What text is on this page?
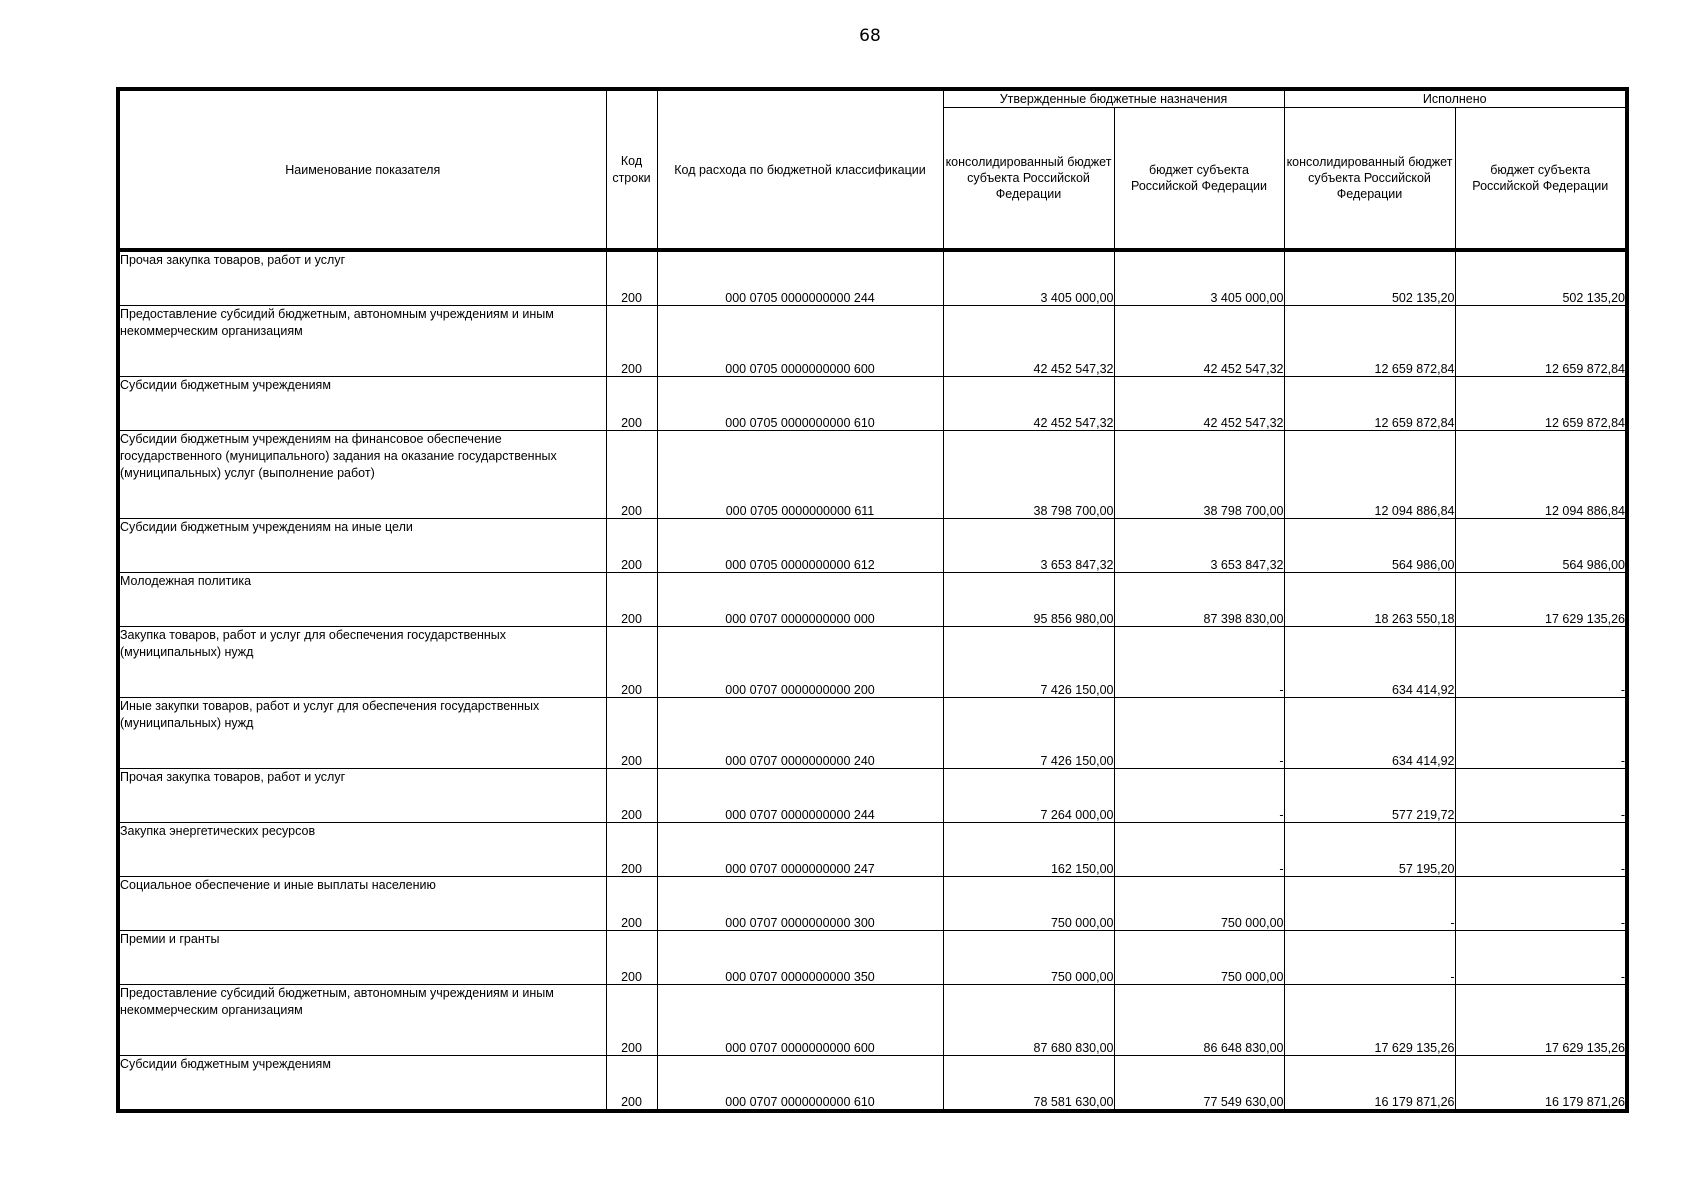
68
Наименование показателя	Код строки	Код расхода по бюджетной классификации	Утвержденные бюджетные назначения		Исполнено	
			консолидированный бюджет субъекта Российской Федерации	бюджет субъекта Российской Федерации	консолидированный бюджет субъекта Российской Федерации	бюджет субъекта Российской Федерации
Прочая закупка товаров, работ и услуг	200	000 0705 0000000000 244	3 405 000,00	3 405 000,00	502 135,20	502 135,20
Предоставление субсидий бюджетным, автономным учреждениям и иным некоммерческим организациям	200	000 0705 0000000000 600	42 452 547,32	42 452 547,32	12 659 872,84	12 659 872,84
Субсидии бюджетным учреждениям	200	000 0705 0000000000 610	42 452 547,32	42 452 547,32	12 659 872,84	12 659 872,84
Субсидии бюджетным учреждениям на финансовое обеспечение государственного (муниципального) задания на оказание государственных (муниципальных) услуг (выполнение работ)	200	000 0705 0000000000 611	38 798 700,00	38 798 700,00	12 094 886,84	12 094 886,84
Субсидии бюджетным учреждениям на иные цели	200	000 0705 0000000000 612	3 653 847,32	3 653 847,32	564 986,00	564 986,00
Молодежная политика	200	000 0707 0000000000 000	95 856 980,00	87 398 830,00	18 263 550,18	17 629 135,26
Закупка товаров, работ и услуг для обеспечения государственных (муниципальных) нужд	200	000 0707 0000000000 200	7 426 150,00	-	634 414,92	-
Иные закупки товаров, работ и услуг для обеспечения государственных (муниципальных) нужд	200	000 0707 0000000000 240	7 426 150,00	-	634 414,92	-
Прочая закупка товаров, работ и услуг	200	000 0707 0000000000 244	7 264 000,00	-	577 219,72	-
Закупка энергетических ресурсов	200	000 0707 0000000000 247	162 150,00	-	57 195,20	-
Социальное обеспечение и иные выплаты населению	200	000 0707 0000000000 300	750 000,00	750 000,00	-	-
Премии и гранты	200	000 0707 0000000000 350	750 000,00	750 000,00	-	-
Предоставление субсидий бюджетным, автономным учреждениям и иным некоммерческим организациям	200	000 0707 0000000000 600	87 680 830,00	86 648 830,00	17 629 135,26	17 629 135,26
Субсидии бюджетным учреждениям	200	000 0707 0000000000 610	78 581 630,00	77 549 630,00	16 179 871,26	16 179 871,26
